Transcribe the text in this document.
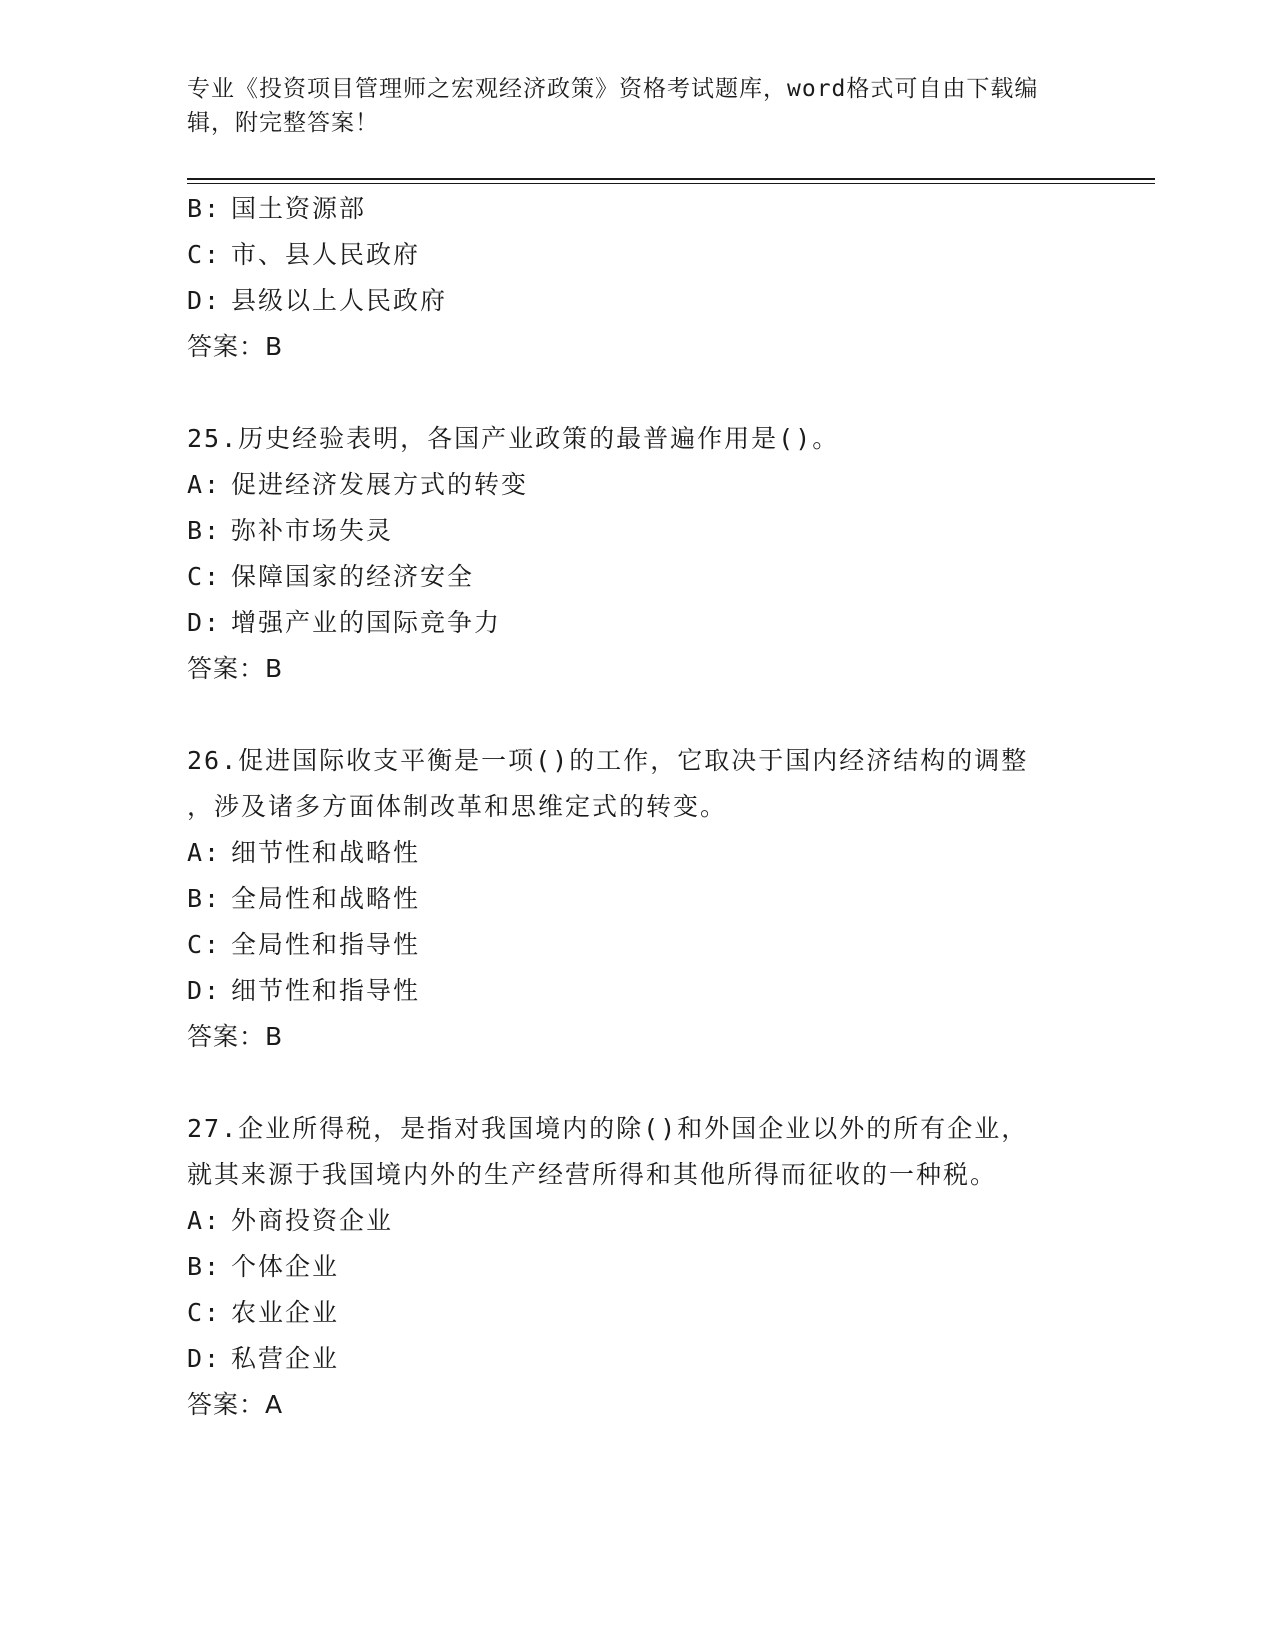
专业《投资项目管理师之宏观经济政策》资格考试题库，word格式可自由下载编
辑，附完整答案！
B: 国土资源部
C: 市、县人民政府
D: 县级以上人民政府
答案：B
25.历史经验表明，各国产业政策的最普遍作用是()。
A: 促进经济发展方式的转变
B: 弥补市场失灵
C: 保障国家的经济安全
D: 增强产业的国际竞争力
答案：B
26.促进国际收支平衡是一项()的工作，它取决于国内经济结构的调整
，涉及诸多方面体制改革和思维定式的转变。
A: 细节性和战略性
B: 全局性和战略性
C: 全局性和指导性
D: 细节性和指导性
答案：B
27.企业所得税，是指对我国境内的除()和外国企业以外的所有企业，
就其来源于我国境内外的生产经营所得和其他所得而征收的一种税。
A: 外商投资企业
B: 个体企业
C: 农业企业
D: 私营企业
答案：A
